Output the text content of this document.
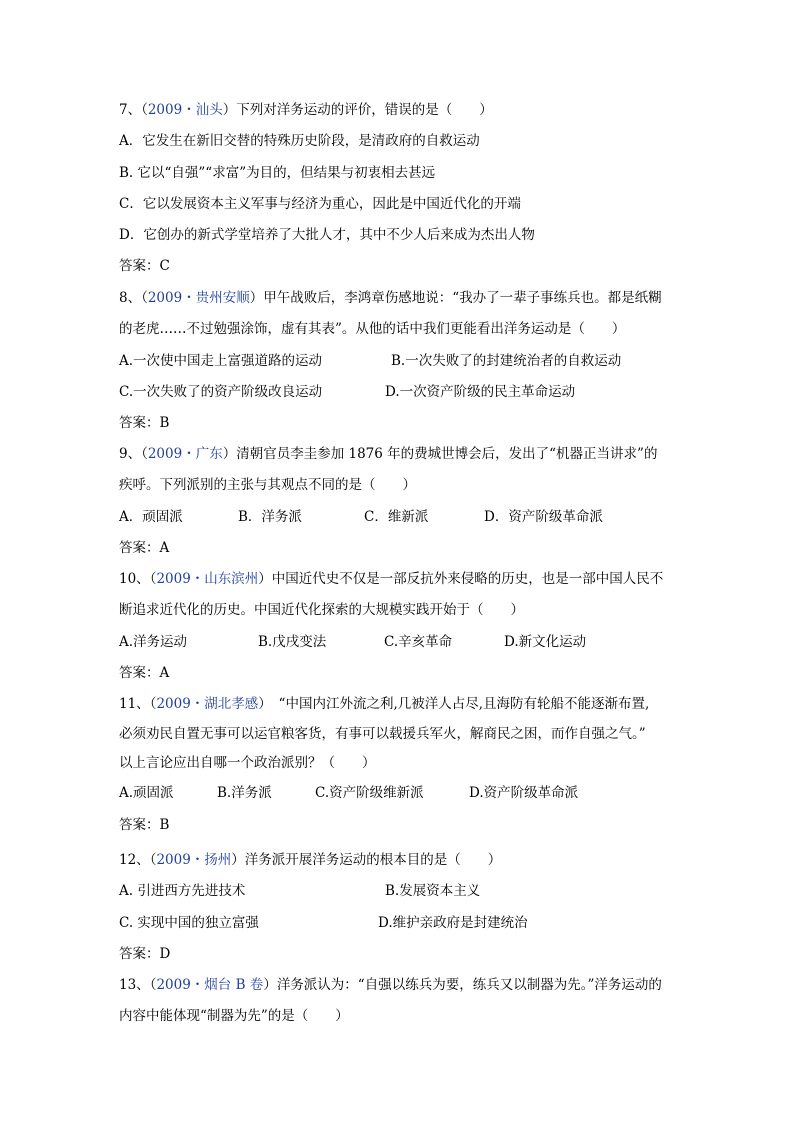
7、（2009・汕头）下列对洋务运动的评价，错误的是（　　）
A．它发生在新旧交替的特殊历史阶段，是清政府的自救运动
B. 它以“自强”“求富”为目的，但结果与初衷相去甚远
C．它以发展资本主义军事与经济为重心，因此是中国近代化的开端
D．它创办的新式学堂培养了大批人才，其中不少人后来成为杰出人物
答案：C
8、（2009・贵州安顺）甲午战败后，李鸿章伤感地说：“我办了一辈子事练兵也。都是纸糊
的老虎……不过勉强涂饰，虚有其表”。从他的话中我们更能看出洋务运动是（　　）
A.一次使中国走上富强道路的运动	B.一次失败了的封建统治者的自救运动
C.一次失败了的资产阶级改良运动	D.一次资产阶级的民主革命运动
答案：B
9、（2009・广东）清朝官员李圭参加 1876 年的费城世博会后，发出了“机器正当讲求”的
疾呼。下列派别的主张与其观点不同的是（　　）
A．顽固派	B．洋务派	C．维新派	D．资产阶级革命派
答案：A
10、（2009・山东滨州）中国近代史不仅是一部反抗外来侵略的历史，也是一部中国人民不
断追求近代化的历史。中国近代化探索的大规模实践开始于（　　）
A.洋务运动	B.戊戌变法	C.辛亥革命	D.新文化运动
答案：A
11、（2009・湖北孝感）　“中国内江外流之利,几被洋人占尽,且海防有轮船不能逐渐布置,
必须劝民自置无事可以运官粮客货，有事可以载援兵军火，解商民之困，而作自强之气。”
以上言论应出自哪一个政治派别？（　　）
A.顽固派	B.洋务派	C.资产阶级维新派	D.资产阶级革命派
答案：B
12、（2009・扬州）洋务派开展洋务运动的根本目的是（　　）
A. 引进西方先进技术	B.发展资本主义
C. 实现中国的独立富强	D.维护亲政府是封建统治
答案：D
13、（2009・烟台 B 卷）洋务派认为：“自强以练兵为要，练兵又以制器为先。”洋务运动的
内容中能体现“制器为先”的是（　　）
